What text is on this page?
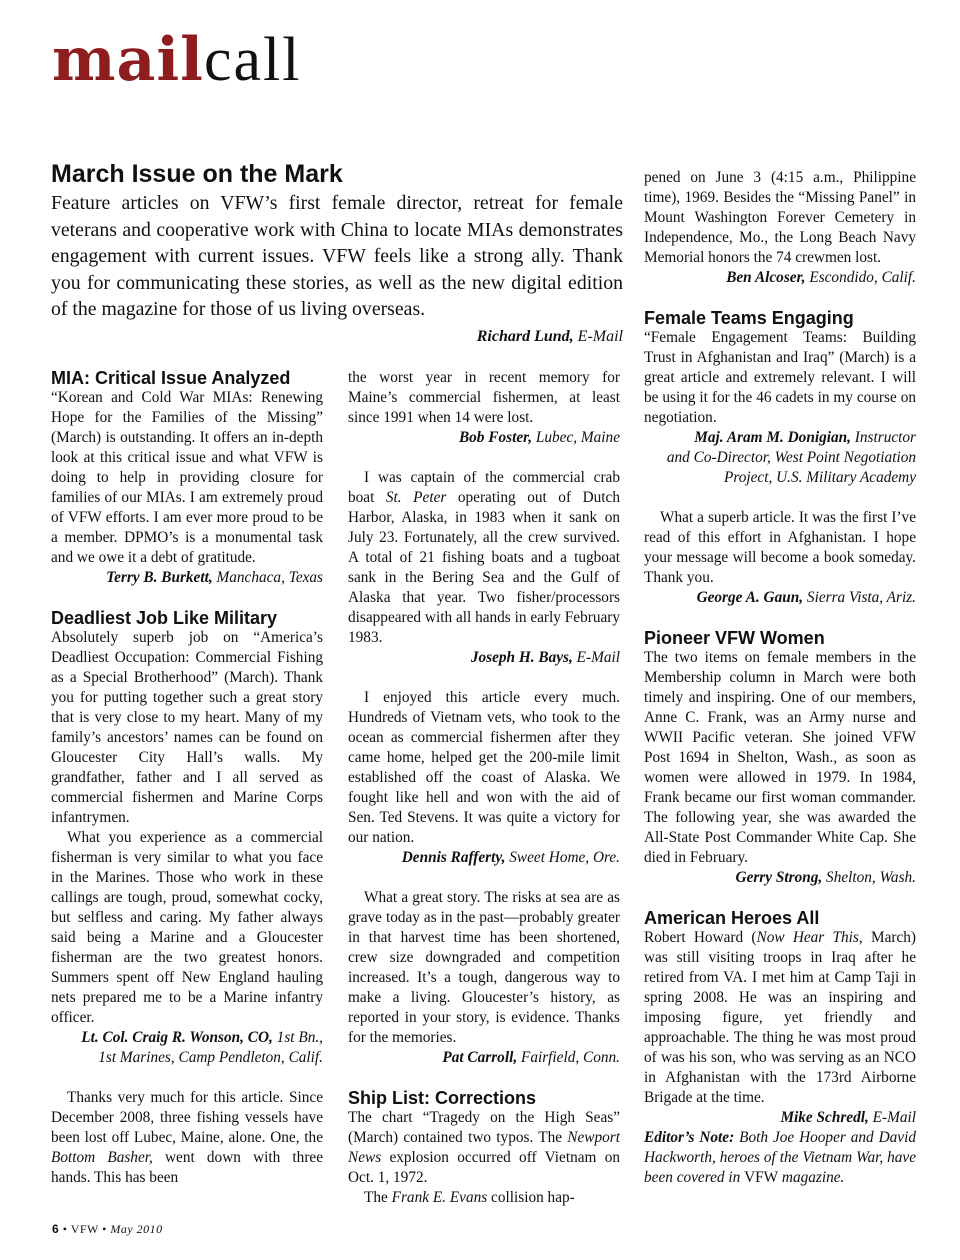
mailcall
March Issue on the Mark

Feature articles on VFW’s first female director, retreat for female veterans and cooperative work with China to locate MIAs demonstrates engagement with current issues. VFW feels like a strong ally. Thank you for communicating these stories, as well as the new digital edition of the magazine for those of us living overseas.

Richard Lund, E-Mail
MIA: Critical Issue Analyzed

“Korean and Cold War MIAs: Renewing Hope for the Families of the Missing” (March) is outstanding. It offers an in-depth look at this critical issue and what VFW is doing to help in providing closure for families of our MIAs. I am extremely proud of VFW efforts. I am ever more proud to be a member. DPMO’s is a monumental task and we owe it a debt of gratitude.

Terry B. Burkett, Manchaca, Texas
Deadliest Job Like Military

Absolutely superb job on “America’s Deadliest Occupation: Commercial Fishing as a Special Brotherhood” (March). Thank you for putting together such a great story that is very close to my heart. Many of my family’s ancestors’ names can be found on Gloucester City Hall’s walls. My grandfather, father and I all served as commercial fishermen and Marine Corps infantrymen.

What you experience as a commercial fisherman is very similar to what you face in the Marines. Those who work in these callings are tough, proud, somewhat cocky, but selfless and caring. My father always said being a Marine and a Gloucester fisherman are the two greatest honors. Summers spent off New England hauling nets prepared me to be a Marine infantry officer.

Lt. Col. Craig R. Wonson, CO, 1st Bn.,
1st Marines, Camp Pendleton, Calif.

Thanks very much for this article. Since December 2008, three fishing vessels have been lost off Lubec, Maine, alone. One, the Bottom Basher, went down with three hands. This has been

the worst year in recent memory for Maine’s commercial fishermen, at least since 1991 when 14 were lost.

Bob Foster, Lubec, Maine

I was captain of the commercial crab boat St. Peter operating out of Dutch Harbor, Alaska, in 1983 when it sank on July 23. Fortunately, all the crew survived. A total of 21 fishing boats and a tugboat sank in the Bering Sea and the Gulf of Alaska that year. Two fisher/processors disappeared with all hands in early February 1983.

Joseph H. Bays, E-Mail

I enjoyed this article every much. Hundreds of Vietnam vets, who took to the ocean as commercial fishermen after they came home, helped get the 200-mile limit established off the coast of Alaska. We fought like hell and won with the aid of Sen. Ted Stevens. It was quite a victory for our nation.

Dennis Rafferty, Sweet Home, Ore.

What a great story. The risks at sea are as grave today as in the past—probably greater in that harvest time has been shortened, crew size downgraded and competition increased. It’s a tough, dangerous way to make a living. Gloucester’s history, as reported in your story, is evidence. Thanks for the memories.

Pat Carroll, Fairfield, Conn.
Ship List: Corrections

The chart “Tragedy on the High Seas” (March) contained two typos. The Newport News explosion occurred off Vietnam on Oct. 1, 1972.

The Frank E. Evans collision hap-

pened on June 3 (4:15 a.m., Philippine time), 1969. Besides the “Missing Panel” in Mount Washington Forever Cemetery in Independence, Mo., the Long Beach Navy Memorial honors the 74 crewmen lost.

Ben Alcoser, Escondido, Calif.
Female Teams Engaging

“Female Engagement Teams: Building Trust in Afghanistan and Iraq” (March) is a great article and extremely relevant. I will be using it for the 46 cadets in my course on negotiation.

Maj. Aram M. Donigian, Instructor
and Co-Director, West Point Negotiation
Project, U.S. Military Academy

What a superb article. It was the first I’ve read of this effort in Afghanistan. I hope your message will become a book someday. Thank you.

George A. Gaun, Sierra Vista, Ariz.
Pioneer VFW Women

The two items on female members in the Membership column in March were both timely and inspiring. One of our members, Anne C. Frank, was an Army nurse and WWII Pacific veteran. She joined VFW Post 1694 in Shelton, Wash., as soon as women were allowed in 1979. In 1984, Frank became our first woman commander. The following year, she was awarded the All-State Post Commander White Cap. She died in February.

Gerry Strong, Shelton, Wash.
American Heroes All

Robert Howard (Now Hear This, March) was still visiting troops in Iraq after he retired from VA. I met him at Camp Taji in spring 2008. He was an inspiring and imposing figure, yet friendly and approachable. The thing he was most proud of was his son, who was serving as an NCO in Afghanistan with the 173rd Airborne Brigade at the time.

Mike Schredl, E-Mail

Editor’s Note: Both Joe Hooper and David Hackworth, heroes of the Vietnam War, have been covered in VFW magazine.

6 • VFW • May 2010
